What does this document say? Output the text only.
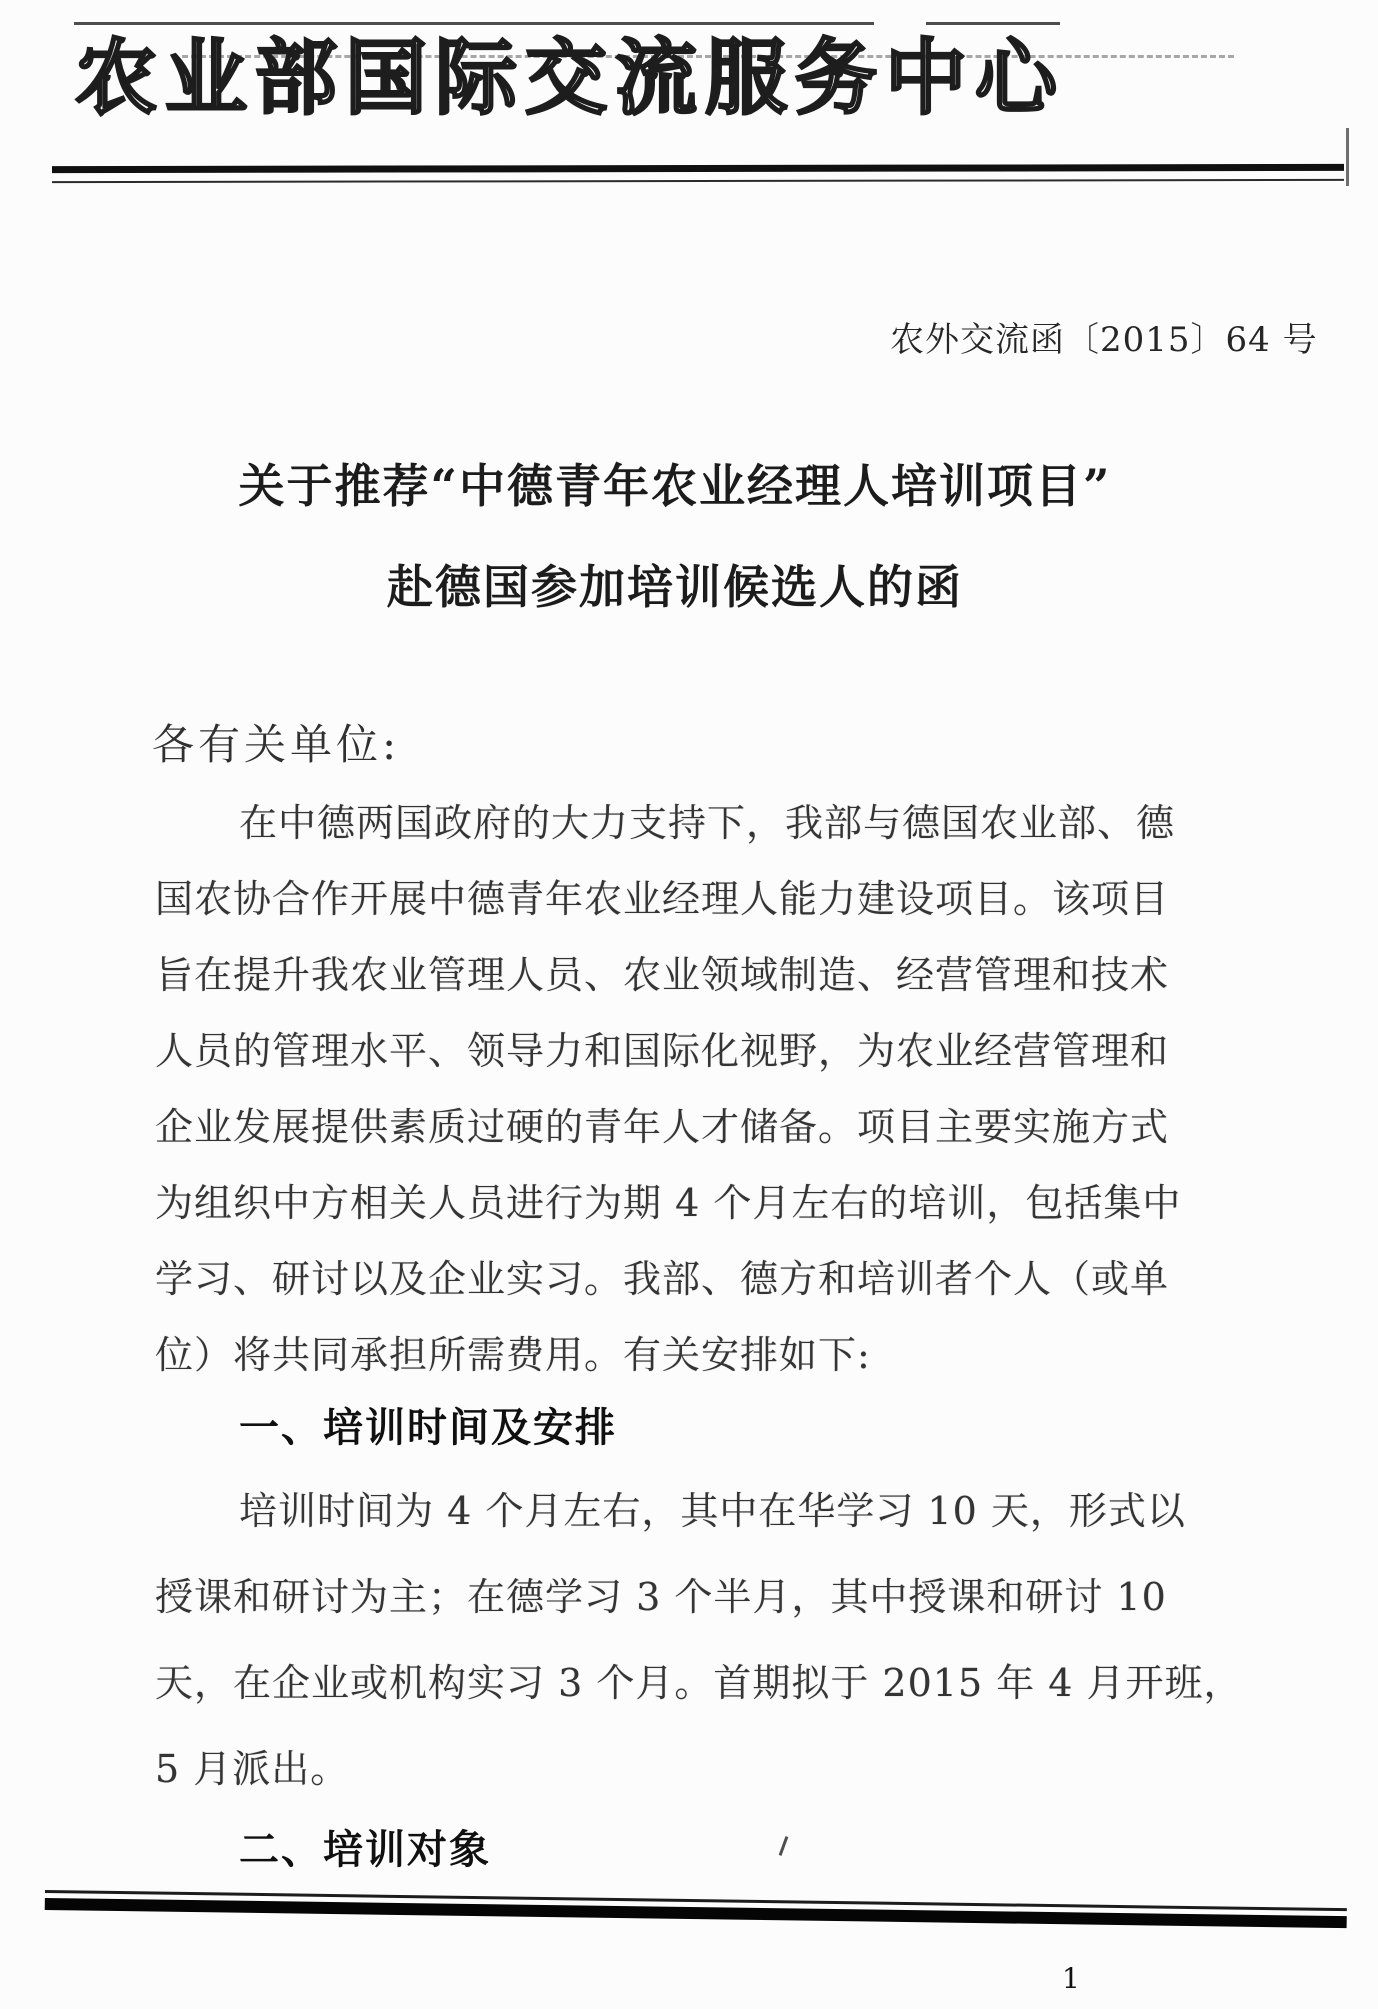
农业部国际交流服务中心
农外交流函〔2015〕64 号
关于推荐“中德青年农业经理人培训项目”
赴德国参加培训候选人的函
各有关单位:
在中德两国政府的大力支持下，我部与德国农业部、德
国农协合作开展中德青年农业经理人能力建设项目。该项目
旨在提升我农业管理人员、农业领域制造、经营管理和技术
人员的管理水平、领导力和国际化视野，为农业经营管理和
企业发展提供素质过硬的青年人才储备。项目主要实施方式
为组织中方相关人员进行为期 4 个月左右的培训，包括集中
学习、研讨以及企业实习。我部、德方和培训者个人（或单
位）将共同承担所需费用。有关安排如下:
一、培训时间及安排
培训时间为 4 个月左右，其中在华学习 10 天，形式以
授课和研讨为主；在德学习 3 个半月，其中授课和研讨 10
天，在企业或机构实习 3 个月。首期拟于 2015 年 4 月开班，
5 月派出。
二、培训对象
1
